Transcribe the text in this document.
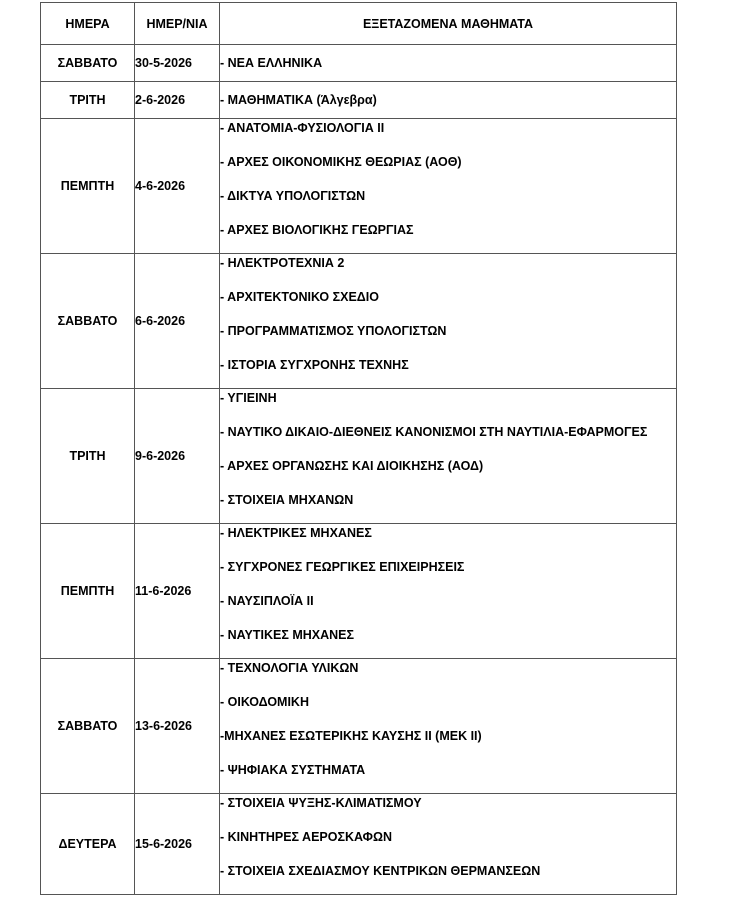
ΗΜΕΡΑ	ΗΜΕΡ/ΝΙΑ	ΕΞΕΤΑΖΟΜΕΝΑ ΜΑΘΗΜΑΤΑ
ΣΑΒΒΑΤΟ	30-5-2026	- ΝΕΑ ΕΛΛΗΝΙΚΑ

ΤΡΙΤΗ	2-6-2026	- ΜΑΘΗΜΑΤΙΚΑ (Άλγεβρα)

ΠΕΜΠΤΗ	4-6-2026	- ΑΝΑΤΟΜΙΑ-ΦΥΣΙΟΛΟΓΙΑ ΙΙ
- ΑΡΧΕΣ ΟΙΚΟΝΟΜΙΚΗΣ ΘΕΩΡΙΑΣ (ΑΟΘ)
- ΔΙΚΤΥΑ ΥΠΟΛΟΓΙΣΤΩΝ
- ΑΡΧΕΣ ΒΙΟΛΟΓΙΚΗΣ ΓΕΩΡΓΙΑΣ

ΣΑΒΒΑΤΟ	6-6-2026	- ΗΛΕΚΤΡΟΤΕΧΝΙΑ 2
- ΑΡΧΙΤΕΚΤΟΝΙΚΟ ΣΧΕΔΙΟ
- ΠΡΟΓΡΑΜΜΑΤΙΣΜΟΣ ΥΠΟΛΟΓΙΣΤΩΝ
- ΙΣΤΟΡΙΑ ΣΥΓΧΡΟΝΗΣ ΤΕΧΝΗΣ

ΤΡΙΤΗ	9-6-2026	- ΥΓΙΕΙΝΗ
- ΝΑΥΤΙΚΟ ΔΙΚΑΙΟ-ΔΙΕΘΝΕΙΣ ΚΑΝΟΝΙΣΜΟΙ ΣΤΗ ΝΑΥΤΙΛΙΑ-ΕΦΑΡΜΟΓΕΣ
- ΑΡΧΕΣ ΟΡΓΑΝΩΣΗΣ ΚΑΙ ΔΙΟΙΚΗΣΗΣ (ΑΟΔ)
- ΣΤΟΙΧΕΙΑ ΜΗΧΑΝΩΝ

ΠΕΜΠΤΗ	11-6-2026	- ΗΛΕΚΤΡΙΚΕΣ ΜΗΧΑΝΕΣ
- ΣΥΓΧΡΟΝΕΣ ΓΕΩΡΓΙΚΕΣ ΕΠΙΧΕΙΡΗΣΕΙΣ
- ΝΑΥΣΙΠΛΟΪΑ ΙΙ
- ΝΑΥΤΙΚΕΣ ΜΗΧΑΝΕΣ

ΣΑΒΒΑΤΟ	13-6-2026	- ΤΕΧΝΟΛΟΓΙΑ ΥΛΙΚΩΝ
- ΟΙΚΟΔΟΜΙΚΗ
-ΜΗΧΑΝΕΣ ΕΣΩΤΕΡΙΚΗΣ ΚΑΥΣΗΣ ΙΙ (ΜΕΚ ΙΙ)
- ΨΗΦΙΑΚΑ ΣΥΣΤΗΜΑΤΑ

ΔΕΥΤΕΡΑ	15-6-2026	- ΣΤΟΙΧΕΙΑ ΨΥΞΗΣ-ΚΛΙΜΑΤΙΣΜΟΥ
- ΚΙΝΗΤΗΡΕΣ ΑΕΡΟΣΚΑΦΩΝ
- ΣΤΟΙΧΕΙΑ ΣΧΕΔΙΑΣΜΟΥ ΚΕΝΤΡΙΚΩΝ ΘΕΡΜΑΝΣΕΩΝ
